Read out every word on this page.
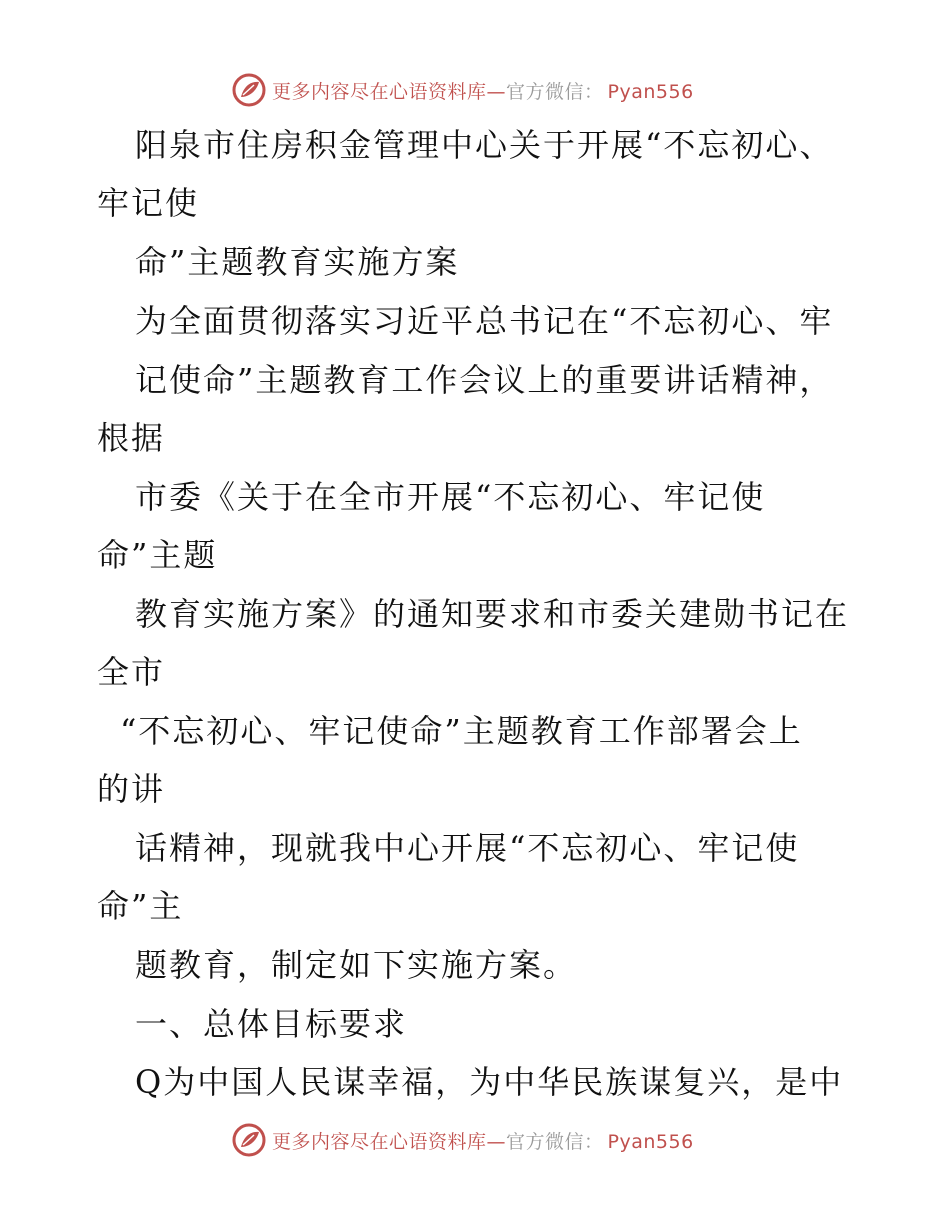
更多内容尽在心语资料库—官方微信： Pyan556
阳泉市住房积金管理中心关于开展“不忘初心、
牢记使
命”主题教育实施方案
为全面贯彻落实习近平总书记在“不忘初心、牢
记使命”主题教育工作会议上的重要讲话精神，
根据
市委《关于在全市开展“不忘初心、牢记使
命”主题
教育实施方案》的通知要求和市委关建勋书记在
全市
“不忘初心、牢记使命”主题教育工作部署会上
的讲
话精神，现就我中心开展“不忘初心、牢记使
命”主
题教育，制定如下实施方案。
一、总体目标要求
Q为中国人民谋幸福，为中华民族谋复兴，是中
更多内容尽在心语资料库—官方微信： Pyan556
